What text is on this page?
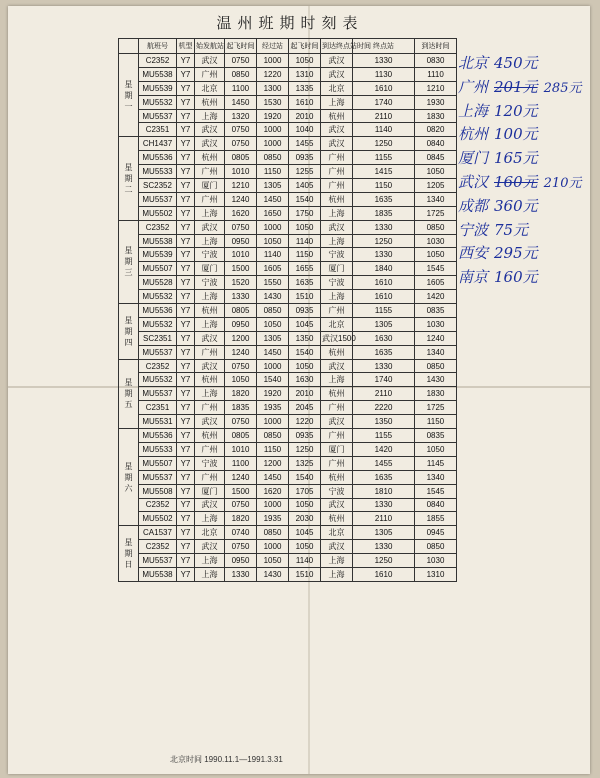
温州班期时刻表
	航班号	机型	始发航站	起飞时间	经过站	起飞时间	到达终点站时间	终点站	到达时间
星
期
一	C2352	Y7	武汉	0750	1000	1050	武汉	1330	0830
	MU5538	Y7	广州	0850	1220	1310	武汉	1130	1110
	MU5539	Y7	北京	1100	1300	1335	北京	1610	1210
	MU5532	Y7	杭州	1450	1530	1610	上海	1740	1930
	MU5537	Y7	上海	1320	1920	2010	杭州	2110	1830
	C2351	Y7	武汉	0750	1000	1040	武汉	1140	0820
星
期
二	CH1437	Y7	武汉	0750	1000	1455	武汉	1250	0840
	MU5536	Y7	杭州	0805	0850	0935	广州	1155	0845
	MU5533	Y7	广州	1010	1150	1255	广州	1415	1050
	SC2352	Y7	厦门	1210	1305	1405	广州	1150	1205
	MU5537	Y7	广州	1240	1450	1540	杭州	1635	1340
	MU5502	Y7	上海	1620	1650	1750	上海	1835	1725
星
期
三	C2352	Y7	武汉	0750	1000	1050	武汉	1330	0850
	MU5538	Y7	上海	0950	1050	1140	上海	1250	1030
	MU5539	Y7	宁波	1010	1140	1150	宁波	1330	1050
	MU5507	Y7	厦门	1500	1605	1655	厦门	1840	1545
	MU5528	Y7	宁波	1520	1550	1635	宁波	1610	1605
	MU5532	Y7	上海	1330	1430	1510	上海	1610	1420
星
期
四	MU5536	Y7	杭州	0805	0850	0935	广州	1155	0835
	MU5532	Y7	上海	0950	1050	1045	北京	1305	1030
	SC2351	Y7	武汉	1200	1305	1350	武汉1500	1630	1240
	MU5537	Y7	广州	1240	1450	1540	杭州	1635	1340
星
期
五	C2352	Y7	武汉	0750	1000	1050	武汉	1330	0850
	MU5532	Y7	杭州	1050	1540	1630	上海	1740	1430
	MU5537	Y7	上海	1820	1920	2010	杭州	2110	1830
	C2351	Y7	广州	1835	1935	2045	广州	2220	1725
	MU5531	Y7	武汉	0750	1000	1220	武汉	1350	1150
星
期
六	MU5536	Y7	杭州	0805	0850	0935	广州	1155	0835
	MU5533	Y7	广州	1010	1150	1250	厦门	1420	1050
	MU5507	Y7	宁波	1100	1200	1325	广州	1455	1145
	MU5537	Y7	广州	1240	1450	1540	杭州	1635	1340
	MU5508	Y7	厦门	1500	1620	1705	宁波	1810	1545
	C2352	Y7	武汉	0750	1000	1050	武汉	1330	0840
	MU5502	Y7	上海	1820	1935	2030	杭州	2110	1855
星
期
日	CA1537	Y7	北京	0740	0850	1045	北京	1305	0945
	C2352	Y7	武汉	0750	1000	1050	武汉	1330	0850
	MU5537	Y7	上海	0950	1050	1140	上海	1250	1030
	MU5538	Y7	上海	1330	1430	1510	上海	1610	1310
北京时间 1990.11.1—1991.3.31
北京 450元
广州 201元 285元
上海 120元
杭州 100元
厦门 165元
武汉 160元 210元
成都 360元
宁波 75元
西安 295元
南京 160元
